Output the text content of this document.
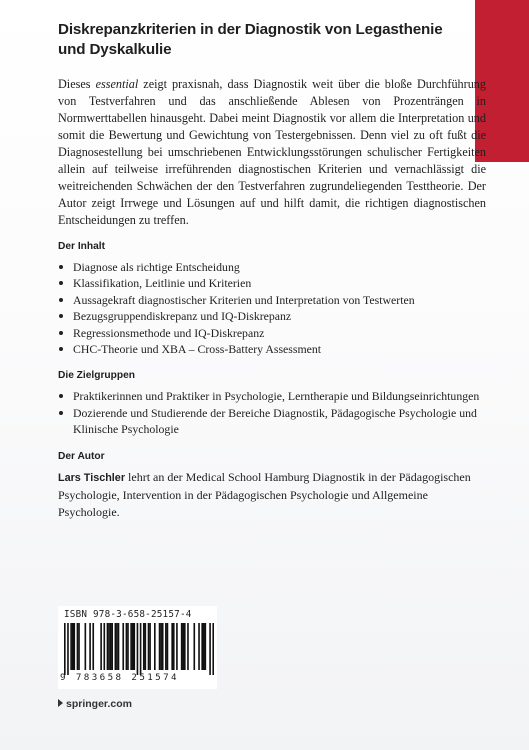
Diskrepanzkriterien in der Diagnostik von Legasthenie
und Dyskalkulie

Dieses essential zeigt praxisnah, dass Diagnostik weit über die bloße Durchführung von Testverfahren und das anschließende Ablesen von Prozenträngen in Normwerttabellen hinausgeht. Dabei meint Diagnostik vor allem die Interpretation und somit die Bewertung und Gewichtung von Testergebnissen. Denn viel zu oft fußt die Diagnosestellung bei umschriebenen Entwicklungsstörungen schulischer Fertigkeiten allein auf teilweise irreführenden diagnostischen Kriterien und vernachlässigt die weitreichenden Schwächen der den Testverfahren zugrundeliegenden Testtheorie. Der Autor zeigt Irrwege und Lösungen auf und hilft damit, die richtigen diagnostischen Entscheidungen zu treffen.

Der Inhalt
Diagnose als richtige Entscheidung
Klassifikation, Leitlinie und Kriterien
Aussagekraft diagnostischer Kriterien und Interpretation von Testwerten
Bezugsgruppendiskrepanz und IQ-Diskrepanz
Regressionsmethode und IQ-Diskrepanz
CHC-Theorie und XBA – Cross-Battery Assessment
Die Zielgruppen
Praktikerinnen und Praktiker in Psychologie, Lerntherapie und Bildungseinrichtungen
Dozierende und Studierende der Bereiche Diagnostik, Pädagogische Psychologie und Klinische Psychologie
Der Autor

Lars Tischler lehrt an der Medical School Hamburg Diagnostik in der Pädagogischen Psychologie, Intervention in der Pädagogischen Psychologie und Allgemeine Psychologie.

ISBN 978-3-658-25157-4
9 783658 251574
springer.com
